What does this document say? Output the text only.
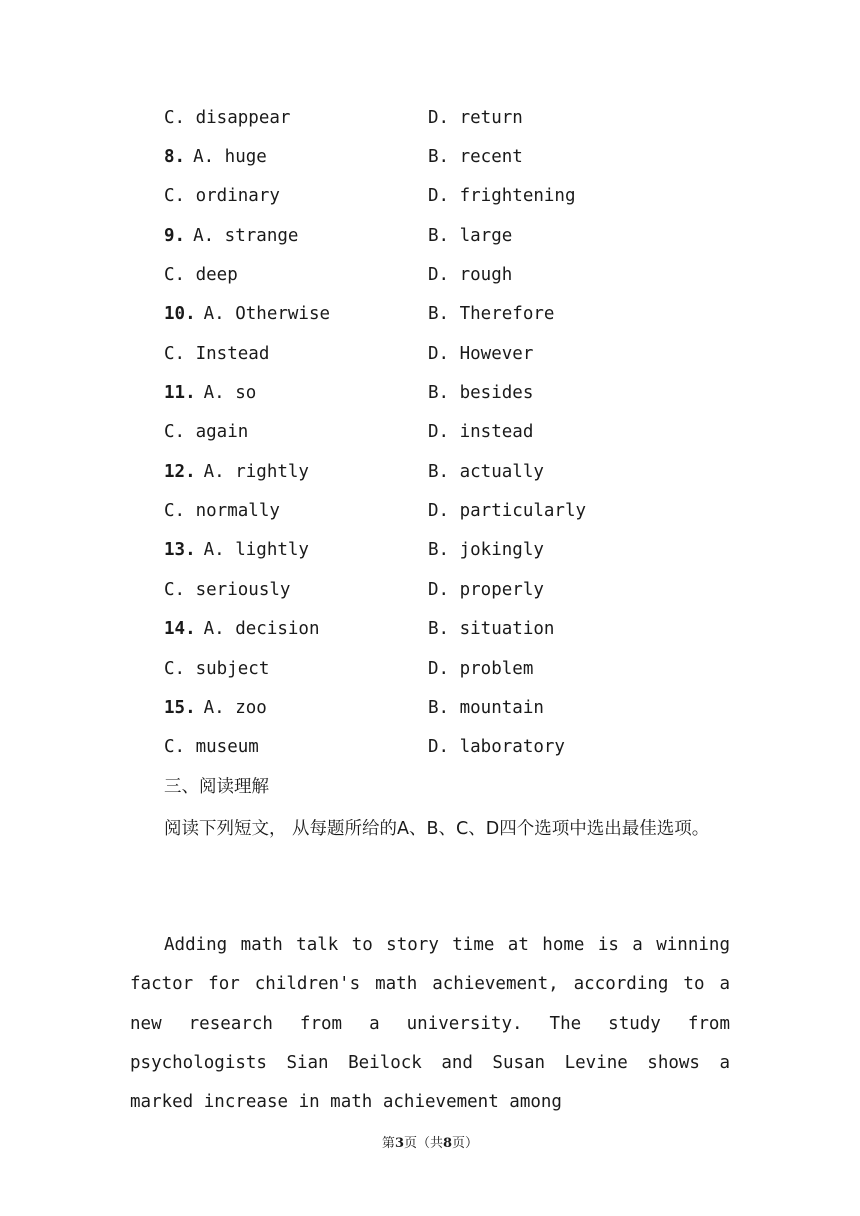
C. disappear	D. return
8. A. huge	B. recent
C. ordinary	D. frightening
9. A. strange	B. large
C. deep	D. rough
10. A. Otherwise	B. Therefore
C. Instead	D. However
11. A. so	B. besides
C. again	D. instead
12. A. rightly	B. actually
C. normally	D. particularly
13. A. lightly	B. jokingly
C. seriously	D. properly
14. A. decision	B. situation
C. subject	D. problem
15. A. zoo	B. mountain
C. museum	D. laboratory
三、阅读理解
阅读下列短文， 从每题所给的A、B、C、D四个选项中选出最佳选项。
Adding math talk to story time at home is a winning factor for children's math achievement, according to a new research from a university. The study from psychologists Sian Beilock and Susan Levine shows a marked increase in math achievement among
第3页（共8页）
